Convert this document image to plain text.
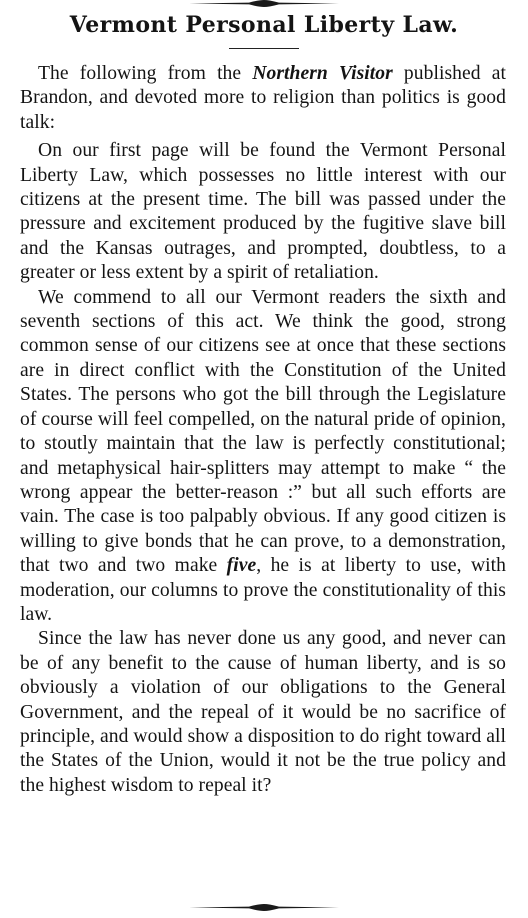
Vermont Personal Liberty Law.

The following from the Northern Visitor published at Brandon, and devoted more to religion than politics is good talk:

On our first page will be found the Vermont Personal Liberty Law, which possesses no little interest with our citizens at the present time. The bill was passed under the pressure and excitement produced by the fugitive slave bill and the Kansas outrages, and prompted, doubtless, to a greater or less extent by a spirit of retaliation.

We commend to all our Vermont readers the sixth and seventh sections of this act. We think the good, strong common sense of our citizens see at once that these sections are in direct conflict with the Constitution of the United States. The persons who got the bill through the Legislature of course will feel compelled, on the natural pride of opinion, to stoutly maintain that the law is perfectly constitutional; and metaphysical hair-splitters may attempt to make “ the wrong appear the better-reason :” but all such efforts are vain. The case is too palpably obvious. If any good citizen is willing to give bonds that he can prove, to a demonstration, that two and two make five, he is at liberty to use, with moderation, our columns to prove the constitutionality of this law.

Since the law has never done us any good, and never can be of any benefit to the cause of human liberty, and is so obviously a violation of our obligations to the General Government, and the repeal of it would be no sacrifice of principle, and would show a disposition to do right toward all the States of the Union, would it not be the true policy and the highest wisdom to repeal it?
